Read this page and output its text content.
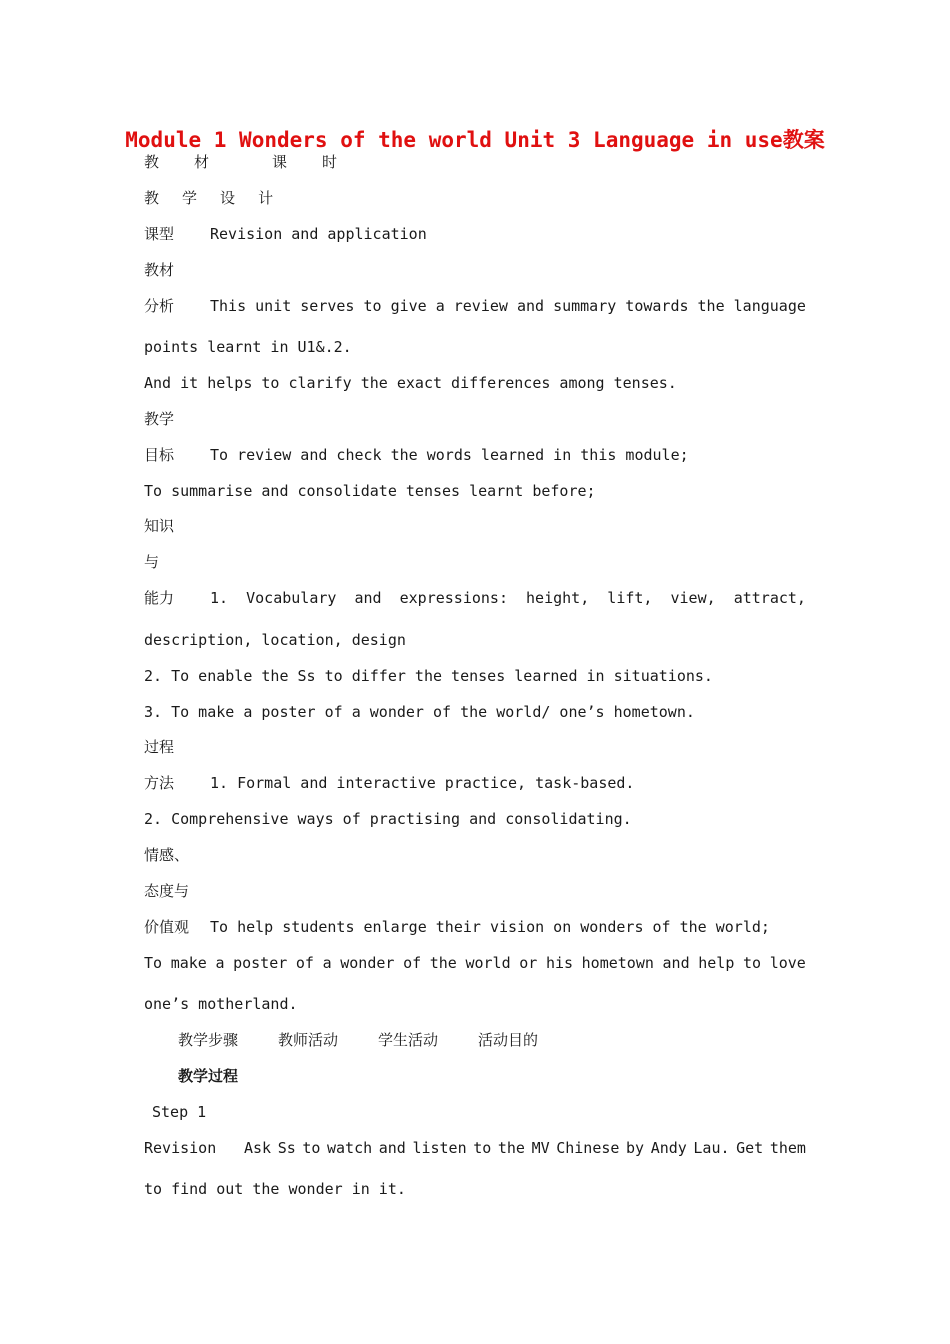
Module 1 Wonders of the world Unit 3 Language in use教案
教 材	课 时
教 学 设 计
课型 Revision and application
教材
分析 This unit serves to give a review and summary towards the language
points learnt in U1&.2.
And it helps to clarify the exact differences among tenses.
教学
目标 To review and check the words learned in this module;
To summarise and consolidate tenses learnt before;
知识
与
能力 1. Vocabulary and expressions: height, lift, view, attract,
description, location, design
2. To enable the Ss to differ the tenses learned in situations.
3. To make a poster of a wonder of the world/ one’s hometown.
过程
方法 1. Formal and interactive practice, task-based.
2. Comprehensive ways of practising and consolidating.
情感、
态度与
价值观 To help students enlarge their vision on wonders of the world;
To make a poster of a wonder of the world or his hometown and help to love
one’s motherland.
教学步骤	教师活动	学生活动	活动目的
教学过程
Step 1
Revision Ask Ss to watch and listen to the MV Chinese by Andy Lau. Get them
to find out the wonder in it.
